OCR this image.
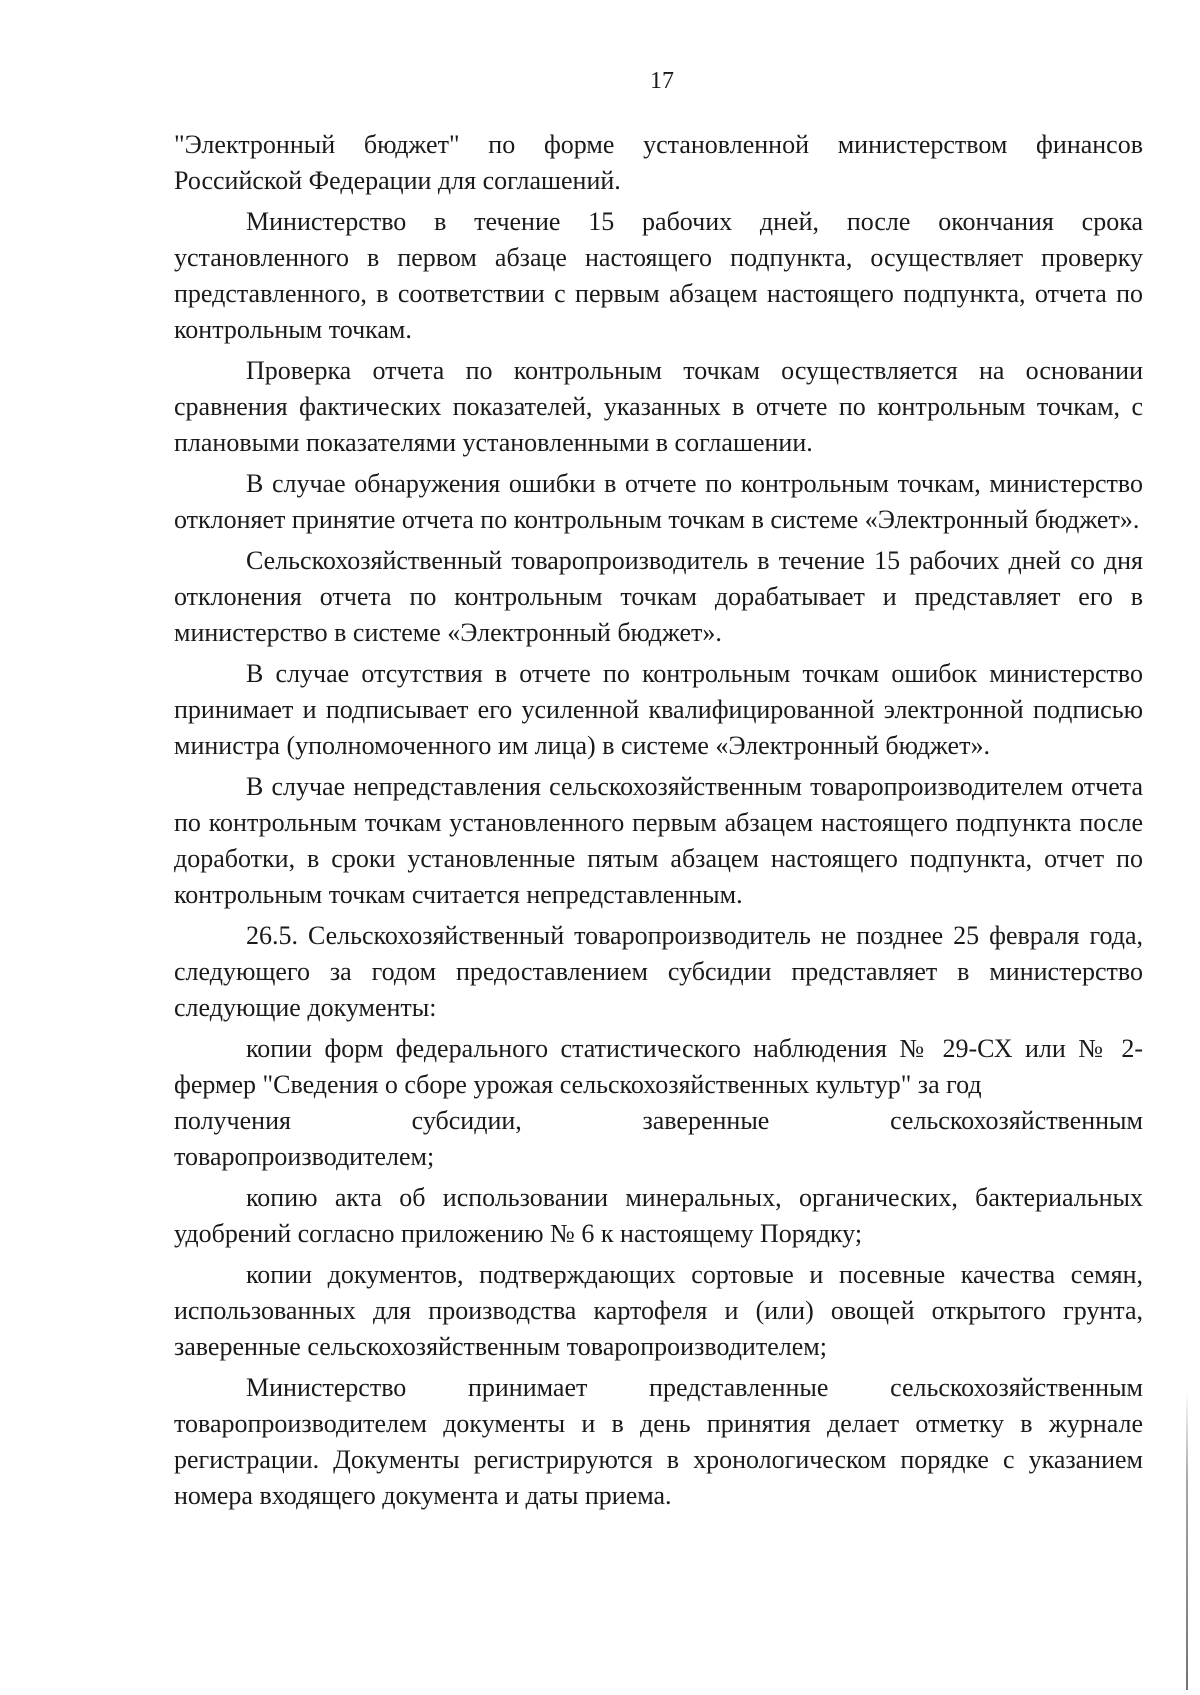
17

"Электронный бюджет" по форме установленной министерством финансов Российской Федерации для соглашений.

Министерство в течение 15 рабочих дней, после окончания срока установленного в первом абзаце настоящего подпункта, осуществляет проверку представленного, в соответствии с первым абзацем настоящего подпункта, отчета по контрольным точкам.

Проверка отчета по контрольным точкам осуществляется на основании сравнения фактических показателей, указанных в отчете по контрольным точкам, с плановыми показателями установленными в соглашении.

В случае обнаружения ошибки в отчете по контрольным точкам, министерство отклоняет принятие отчета по контрольным точкам в системе «Электронный бюджет».

Сельскохозяйственный товаропроизводитель в течение 15 рабочих дней со дня отклонения отчета по контрольным точкам дорабатывает и представляет его в министерство в системе «Электронный бюджет».

В случае отсутствия в отчете по контрольным точкам ошибок министерство принимает и подписывает его усиленной квалифицированной электронной подписью министра (уполномоченного им лица) в системе «Электронный бюджет».

В случае непредставления сельскохозяйственным товаропроизводителем отчета по контрольным точкам установленного первым абзацем настоящего подпункта после доработки, в сроки установленные пятым абзацем настоящего подпункта, отчет по контрольным точкам считается непредставленным.

26.5. Сельскохозяйственный товаропроизводитель не позднее 25 февраля года, следующего за годом предоставлением субсидии представляет в министерство следующие документы:

копии форм федерального статистического наблюдения № 29-СХ или № 2-фермер "Сведения о сборе урожая сельскохозяйственных культур" за год

получения	субсидии,	заверенные	сельскохозяйственным

товаропроизводителем;

копию акта об использовании минеральных, органических, бактериальных удобрений согласно приложению № 6 к настоящему Порядку;

копии документов, подтверждающих сортовые и посевные качества семян, использованных для производства картофеля и (или) овощей открытого грунта, заверенные сельскохозяйственным товаропроизводителем;

Министерство принимает представленные сельскохозяйственным товаропроизводителем документы и в день принятия делает отметку в журнале регистрации. Документы регистрируются в хронологическом порядке с указанием номера входящего документа и даты приема.
